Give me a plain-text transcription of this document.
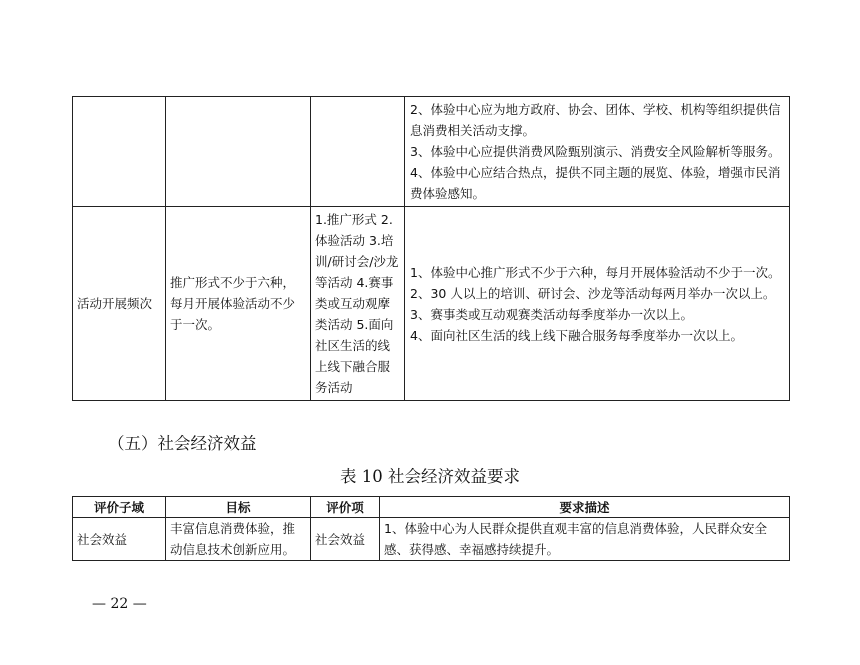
			2、体验中心应为地方政府、协会、团体、学校、机构等组织提供信息消费相关活动支撑。

3、体验中心应提供消费风险甄别演示、消费安全风险解析等服务。

4、体验中心应结合热点，提供不同主题的展览、体验，增强市民消费体验感知。

活动开展频次	推广形式不少于六种，每月开展体验活动不少于一次。	1.推广形式 2.体验活动 3.培训/研讨会/沙龙等活动 4.赛事类或互动观摩类活动 5.面向社区生活的线上线下融合服务活动	1、体验中心推广形式不少于六种，每月开展体验活动不少于一次。

2、30 人以上的培训、研讨会、沙龙等活动每两月举办一次以上。

3、赛事类或互动观赛类活动每季度举办一次以上。

4、面向社区生活的线上线下融合服务每季度举办一次以上。

（五）社会经济效益
表 10 社会经济效益要求
评价子域	目标	评价项	要求描述
社会效益	丰富信息消费体验，推动信息技术创新应用。	社会效益	1、体验中心为人民群众提供直观丰富的信息消费体验，人民群众安全感、获得感、幸福感持续提升。
— 22 —
